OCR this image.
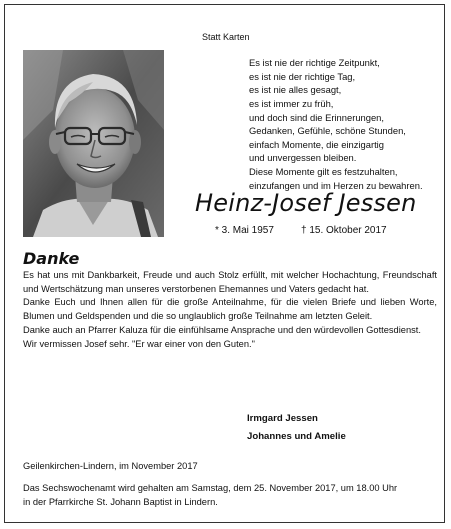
Statt Karten
Es ist nie der richtige Zeitpunkt,
es ist nie der richtige Tag,
es ist nie alles gesagt,
es ist immer zu früh,
und doch sind die Erinnerungen,
Gedanken, Gefühle, schöne Stunden,
einfach Momente, die einzigartig
und unvergessen bleiben.
Diese Momente gilt es festzuhalten,
einzufangen und im Herzen zu bewahren.
Heinz-Josef Jessen
* 3. Mai 1957	† 15. Oktober 2017
Danke

Es hat uns mit Dankbarkeit, Freude und auch Stolz erfüllt, mit welcher Hochachtung, Freundschaft und Wertschätzung man unseres verstorbenen Ehemannes und Vaters gedacht hat.

Danke Euch und Ihnen allen für die große Anteilnahme, für die vielen Briefe und lieben Worte, Blumen und Geldspenden und die so unglaublich große Teilnahme am letzten Geleit.

Danke auch an Pfarrer Kaluza für die einfühlsame Ansprache und den würdevollen Gottesdienst.

Wir vermissen Josef sehr. "Er war einer von den Guten."

Irmgard Jessen
Johannes und Amelie
Geilenkirchen-Lindern, im November 2017
Das Sechswochenamt wird gehalten am Samstag, dem 25. November 2017, um 18.00 Uhr
in der Pfarrkirche St. Johann Baptist in Lindern.
